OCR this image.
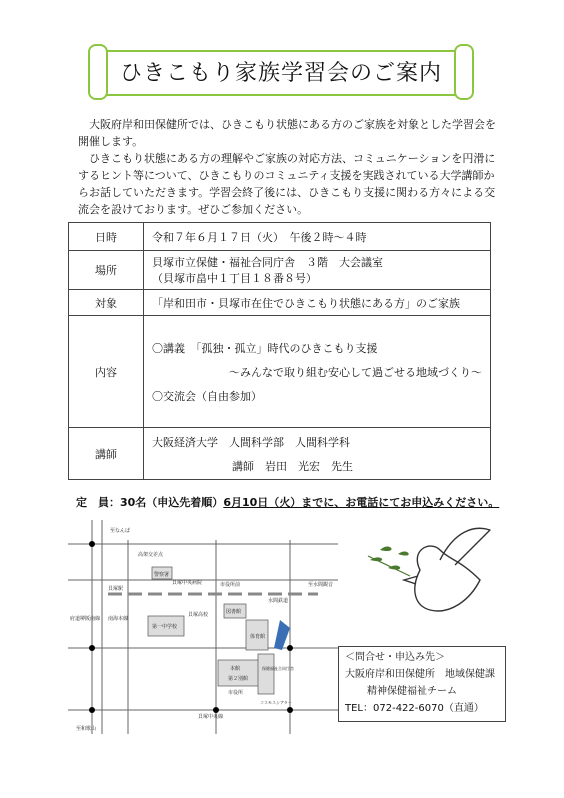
ひきこもり家族学習会のご案内

大阪府岸和田保健所では、ひきこもり状態にある方のご家族を対象とした学習会を開催します。

ひきこもり状態にある方の理解やご家族の対応方法、コミュニケーションを円滑にするヒント等について、ひきこもりのコミュニティ支援を実践されている大学講師からお話していただきます。学習会終了後には、ひきこもり支援に関わる方々による交流会を設けております。ぜひご参加ください。

日時	令和７年６月１７日（火）　午後２時～４時
場所	貝塚市立保健・福祉合同庁舎　３階　大会議室
（貝塚市畠中１丁目１８番８号）

対象	「岸和田市・貝塚市在住でひきこもり状態にある方」のご家族
内容	〇講義　「孤独・孤立」時代のひきこもり支援
～みんなで取り組む安心して過ごせる地域づくり～
〇交流会（自由参加）

講師	大阪経済大学　人間科学部　人間科学科
講師　岩田　光宏　先生
定　員：30名（申込先着順）6月10日（火）までに、お電話にてお申込みください。
至なんば
高架交差点
貝塚駅
警察署
貝塚中央病院	市役所前
水間鉄道
至水間観音
貝塚高校	図書館
第一中学校
体育館
本館
第２別館
市役所
保健福祉合同庁舎
コスモスシアター
貝塚中央線
至和歌山
南海本線
府道堺阪南線
＜問合せ・申込み先＞
大阪府岸和田保健所　地域保健課
精神保健福祉チーム
TEL：072-422-6070（直通）
